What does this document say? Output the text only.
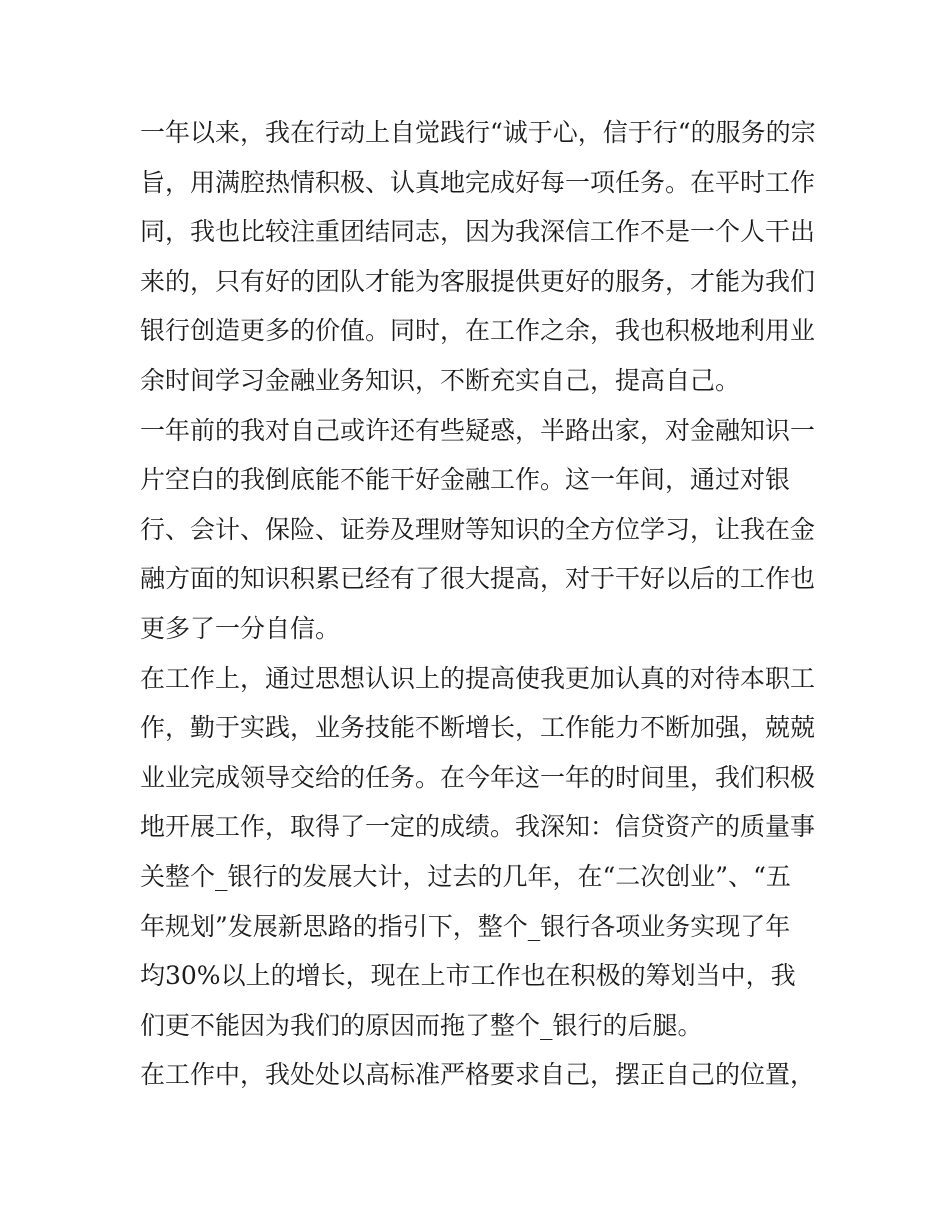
一年以来，我在行动上自觉践行“诚于心，信于行“的服务的宗
旨，用满腔热情积极、认真地完成好每一项任务。在平时工作
同，我也比较注重团结同志，因为我深信工作不是一个人干出
来的，只有好的团队才能为客服提供更好的服务，才能为我们
银行创造更多的价值。同时，在工作之余，我也积极地利用业
余时间学习金融业务知识，不断充实自己，提高自己。
一年前的我对自己或许还有些疑惑，半路出家，对金融知识一
片空白的我倒底能不能干好金融工作。这一年间，通过对银
行、会计、保险、证券及理财等知识的全方位学习，让我在金
融方面的知识积累已经有了很大提高，对于干好以后的工作也
更多了一分自信。
在工作上，通过思想认识上的提高使我更加认真的对待本职工
作，勤于实践，业务技能不断增长，工作能力不断加强，兢兢
业业完成领导交给的任务。在今年这一年的时间里，我们积极
地开展工作，取得了一定的成绩。我深知：信贷资产的质量事
关整个_银行的发展大计，过去的几年，在“二次创业”、“五
年规划”发展新思路的指引下，整个_银行各项业务实现了年
均30%以上的增长，现在上市工作也在积极的筹划当中，我
们更不能因为我们的原因而拖了整个_银行的后腿。
在工作中，我处处以高标准严格要求自己，摆正自己的位置，
